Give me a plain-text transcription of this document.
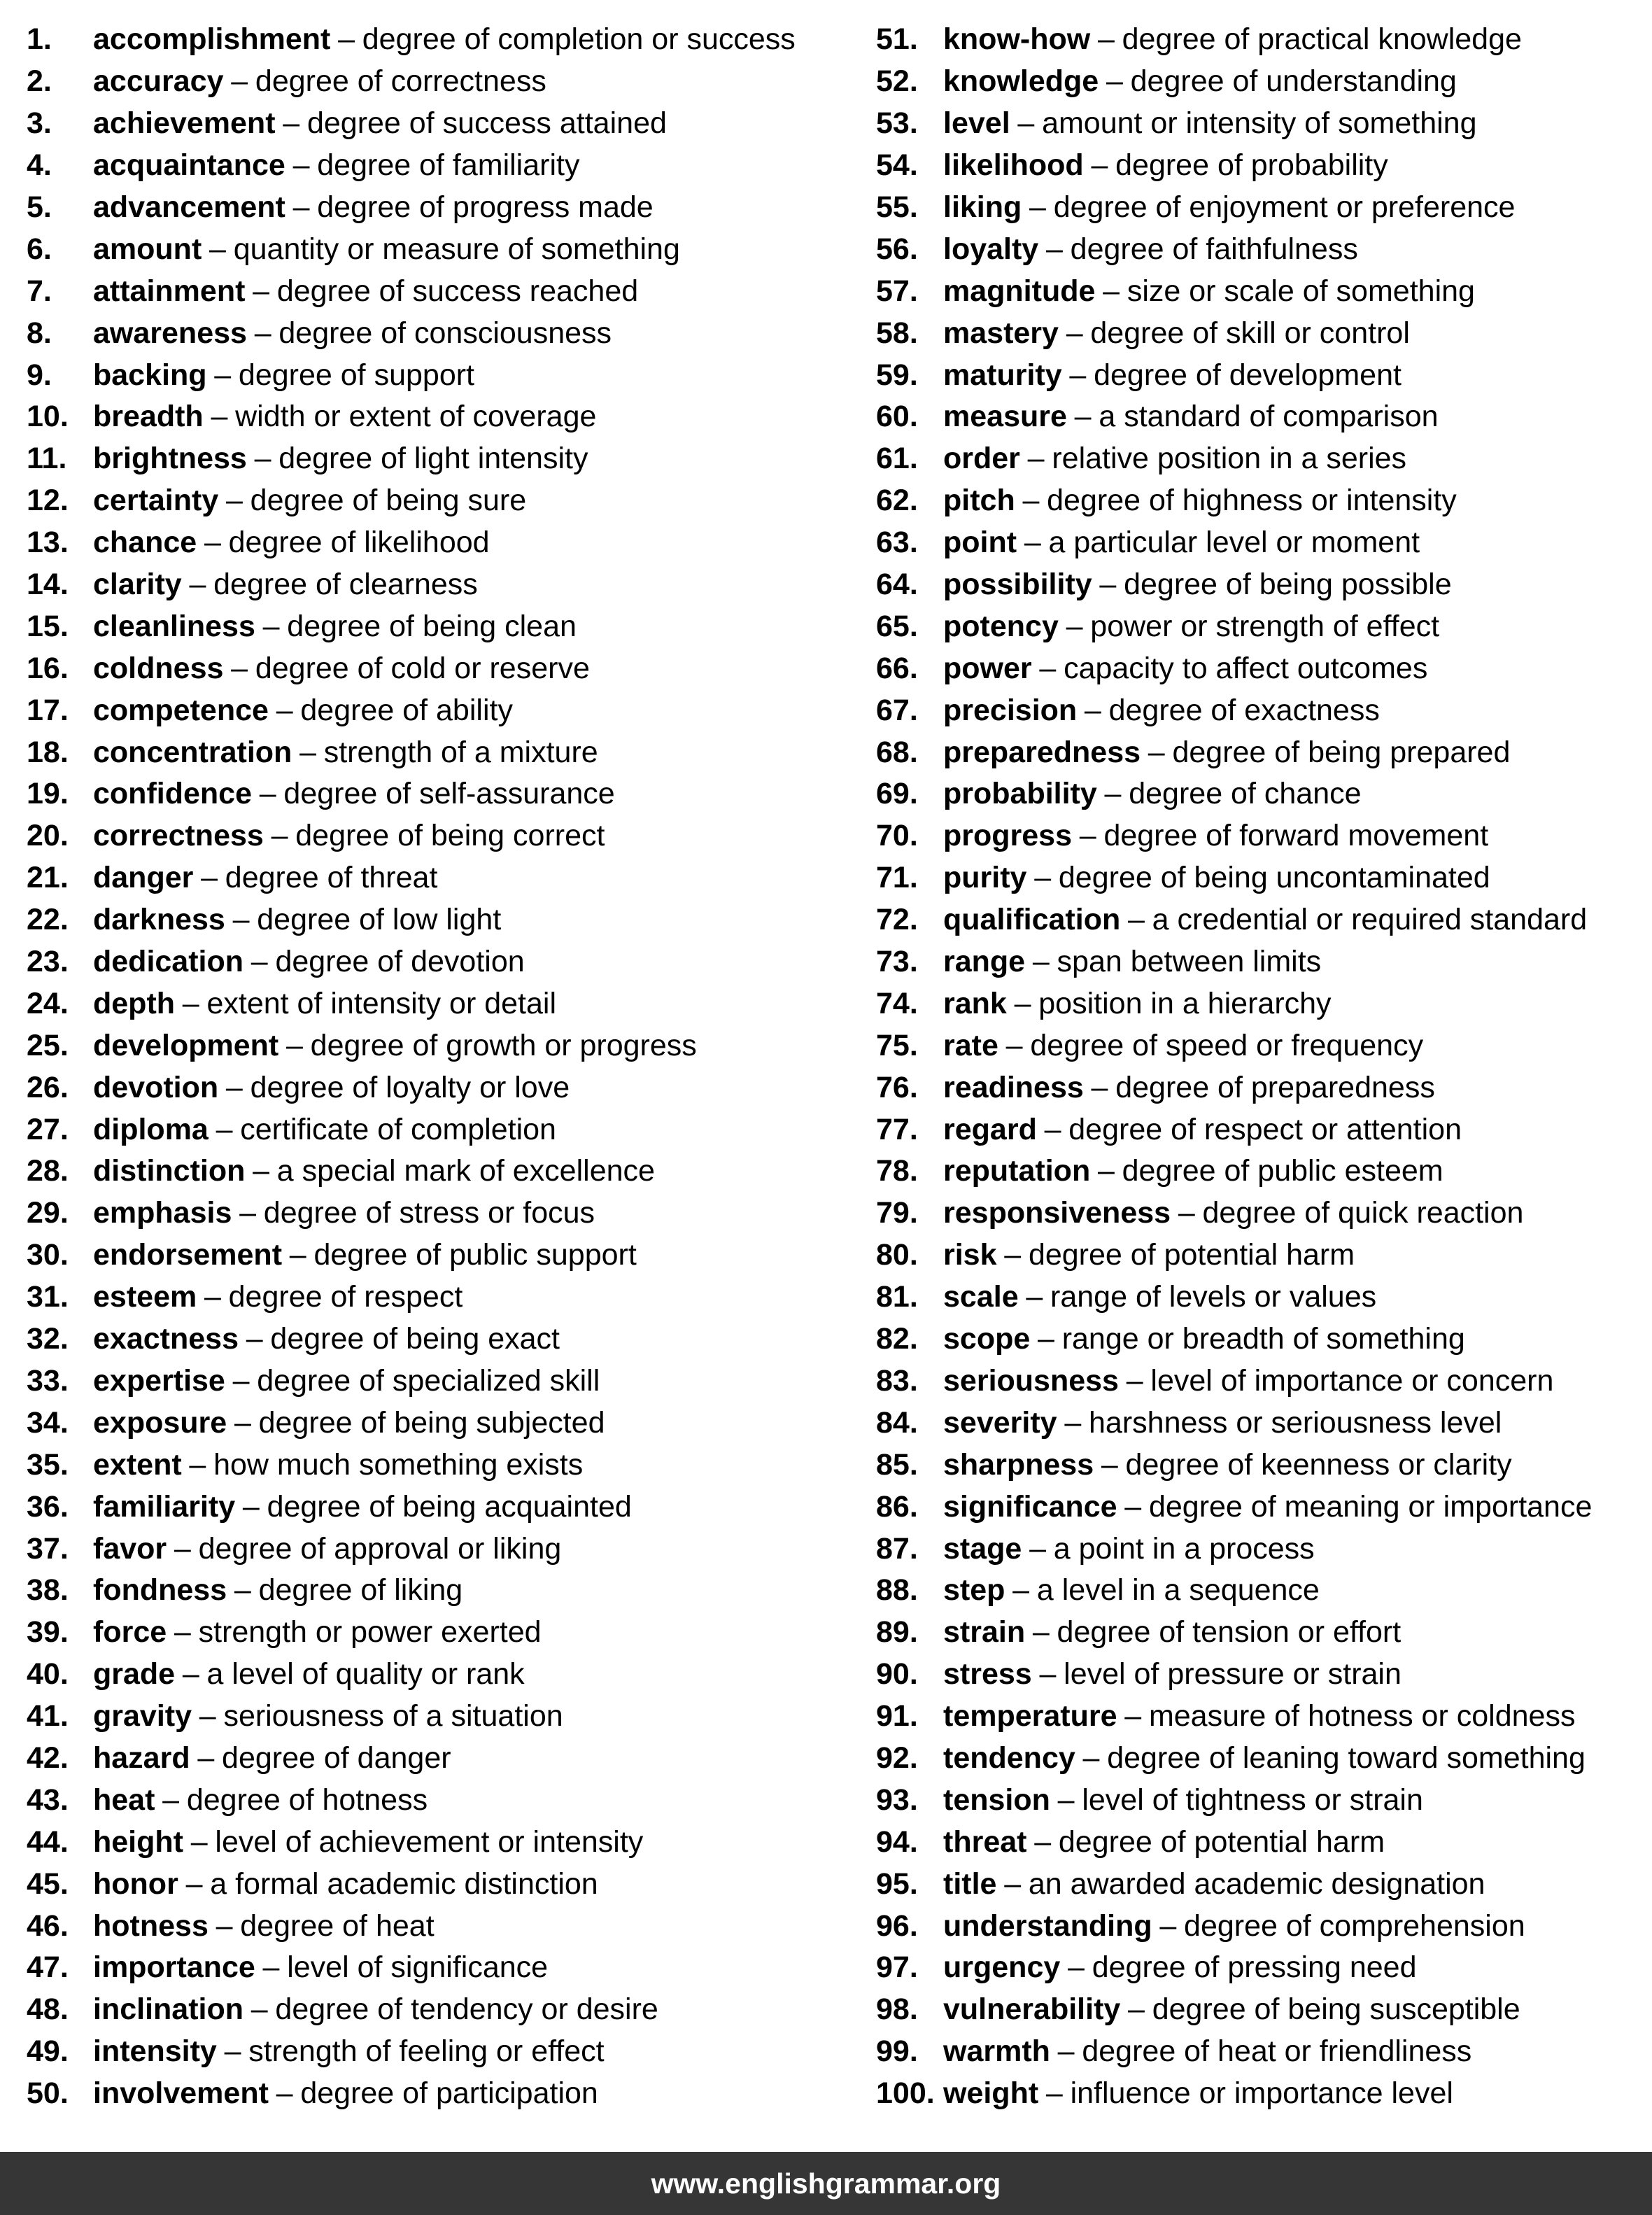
1.	accomplishment – degree of completion or success
2.	accuracy – degree of correctness
3.	achievement – degree of success attained
4.	acquaintance – degree of familiarity
5.	advancement – degree of progress made
6.	amount – quantity or measure of something
7.	attainment – degree of success reached
8.	awareness – degree of consciousness
9.	backing – degree of support
10. breadth – width or extent of coverage
11. brightness – degree of light intensity
12. certainty – degree of being sure
13. chance – degree of likelihood
14. clarity – degree of clearness
15. cleanliness – degree of being clean
16. coldness – degree of cold or reserve
17. competence – degree of ability
18. concentration – strength of a mixture
19. confidence – degree of self-assurance
20. correctness – degree of being correct
21. danger – degree of threat
22. darkness – degree of low light
23. dedication – degree of devotion
24. depth – extent of intensity or detail
25. development – degree of growth or progress
26. devotion – degree of loyalty or love
27. diploma – certificate of completion
28. distinction – a special mark of excellence
29. emphasis – degree of stress or focus
30. endorsement – degree of public support
31. esteem – degree of respect
32. exactness – degree of being exact
33. expertise – degree of specialized skill
34. exposure – degree of being subjected
35. extent – how much something exists
36. familiarity – degree of being acquainted
37. favor – degree of approval or liking
38. fondness – degree of liking
39. force – strength or power exerted
40. grade – a level of quality or rank
41. gravity – seriousness of a situation
42. hazard – degree of danger
43. heat – degree of hotness
44. height – level of achievement or intensity
45. honor – a formal academic distinction
46. hotness – degree of heat
47. importance – level of significance
48. inclination – degree of tendency or desire
49. intensity – strength of feeling or effect
50. involvement – degree of participation
51. know-how – degree of practical knowledge
52. knowledge – degree of understanding
53. level – amount or intensity of something
54. likelihood – degree of probability
55. liking – degree of enjoyment or preference
56. loyalty – degree of faithfulness
57. magnitude – size or scale of something
58. mastery – degree of skill or control
59. maturity – degree of development
60. measure – a standard of comparison
61. order – relative position in a series
62. pitch – degree of highness or intensity
63. point – a particular level or moment
64. possibility – degree of being possible
65. potency – power or strength of effect
66. power – capacity to affect outcomes
67. precision – degree of exactness
68. preparedness – degree of being prepared
69. probability – degree of chance
70. progress – degree of forward movement
71. purity – degree of being uncontaminated
72. qualification – a credential or required standard
73. range – span between limits
74. rank – position in a hierarchy
75. rate – degree of speed or frequency
76. readiness – degree of preparedness
77. regard – degree of respect or attention
78. reputation – degree of public esteem
79. responsiveness – degree of quick reaction
80. risk – degree of potential harm
81. scale – range of levels or values
82. scope – range or breadth of something
83. seriousness – level of importance or concern
84. severity – harshness or seriousness level
85. sharpness – degree of keenness or clarity
86. significance – degree of meaning or importance
87. stage – a point in a process
88. step – a level in a sequence
89. strain – degree of tension or effort
90. stress – level of pressure or strain
91. temperature – measure of hotness or coldness
92. tendency – degree of leaning toward something
93. tension – level of tightness or strain
94. threat – degree of potential harm
95. title – an awarded academic designation
96. understanding – degree of comprehension
97. urgency – degree of pressing need
98. vulnerability – degree of being susceptible
99. warmth – degree of heat or friendliness
100. weight – influence or importance level
www.englishgrammar.org
